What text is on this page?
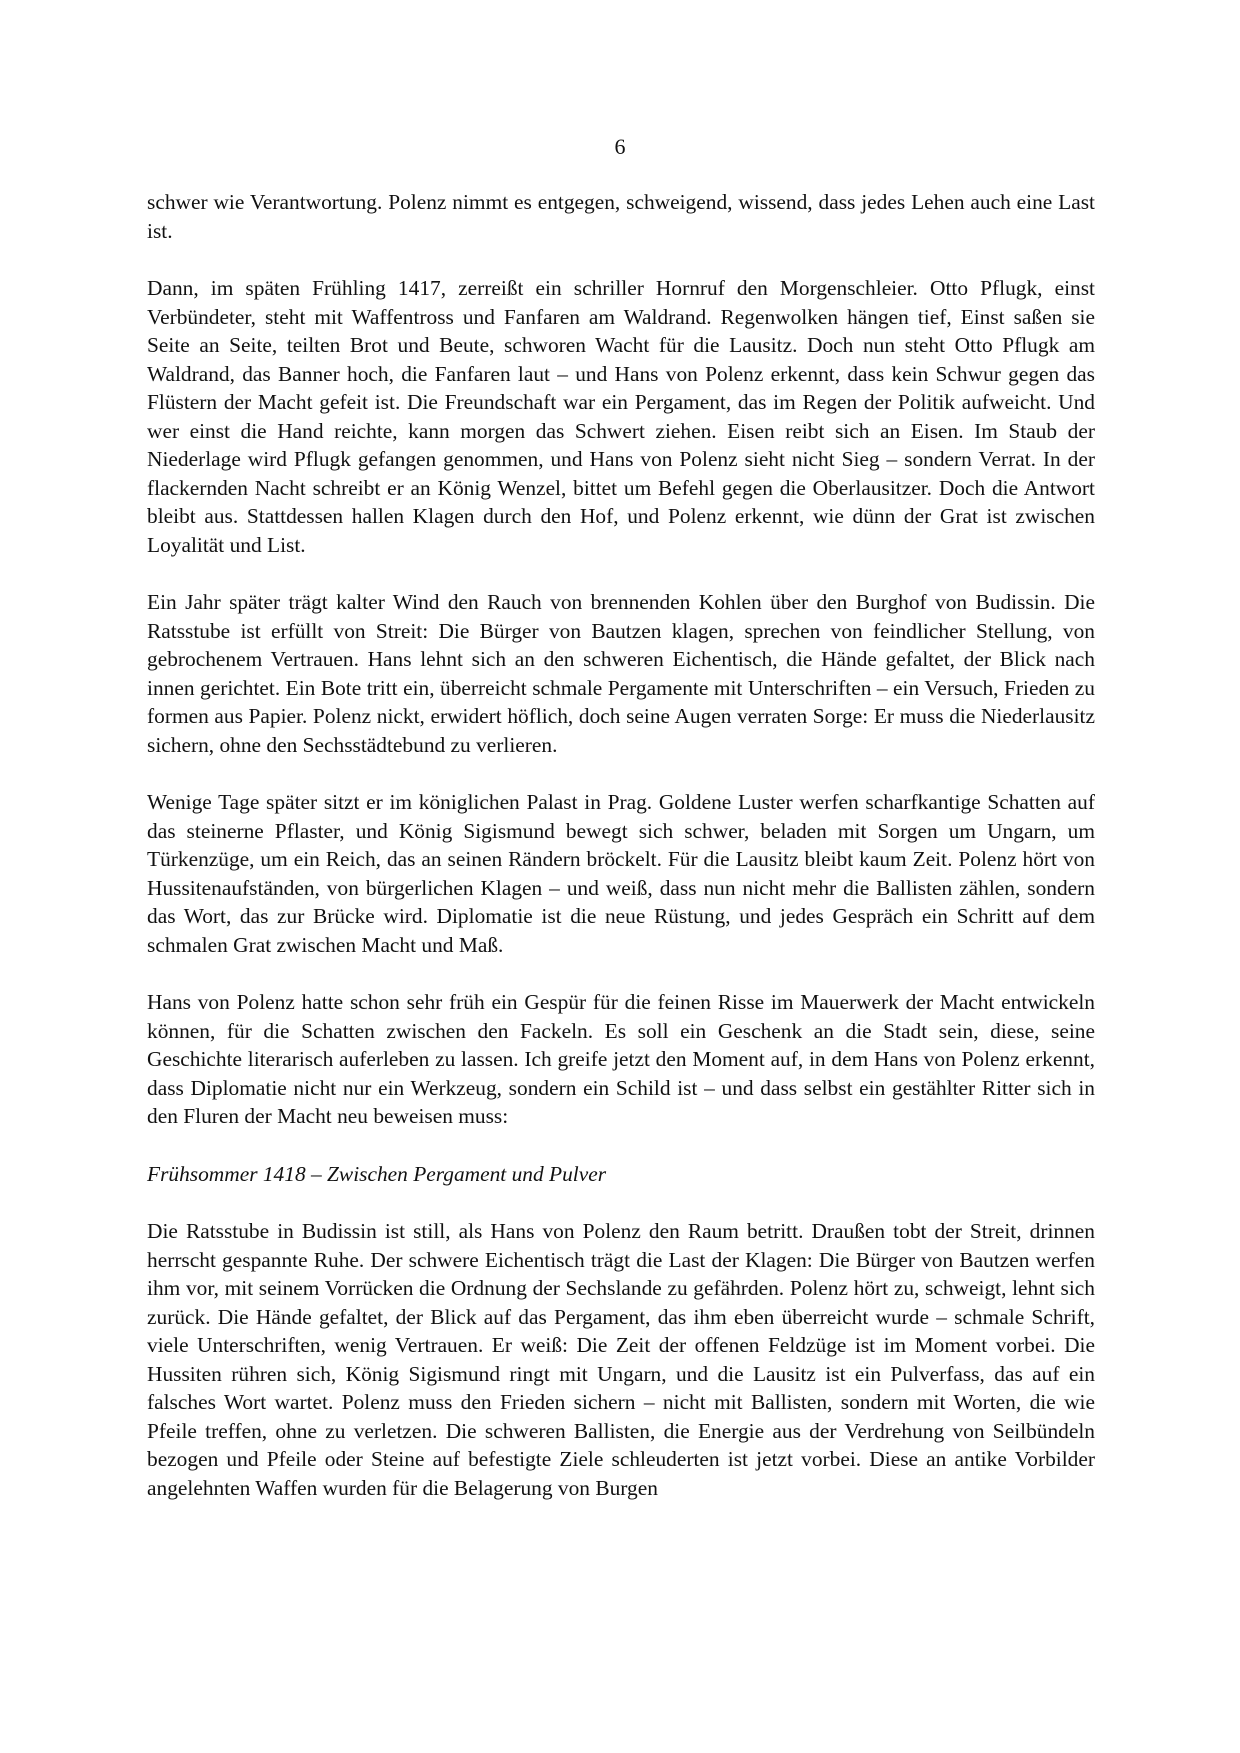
6

schwer wie Verantwortung. Polenz nimmt es entgegen, schweigend, wissend, dass jedes Lehen auch eine Last ist.

Dann, im späten Frühling 1417, zerreißt ein schriller Hornruf den Morgenschleier. Otto Pflugk, einst Verbündeter, steht mit Waffentross und Fanfaren am Waldrand. Regenwolken hängen tief, Einst saßen sie Seite an Seite, teilten Brot und Beute, schworen Wacht für die Lausitz. Doch nun steht Otto Pflugk am Waldrand, das Banner hoch, die Fanfaren laut – und Hans von Polenz erkennt, dass kein Schwur gegen das Flüstern der Macht gefeit ist. Die Freundschaft war ein Pergament, das im Regen der Politik aufweicht. Und wer einst die Hand reichte, kann morgen das Schwert ziehen. Eisen reibt sich an Eisen. Im Staub der Niederlage wird Pflugk gefangen genommen, und Hans von Polenz sieht nicht Sieg – sondern Verrat. In der flackernden Nacht schreibt er an König Wenzel, bittet um Befehl gegen die Oberlausitzer. Doch die Antwort bleibt aus. Stattdessen hallen Klagen durch den Hof, und Polenz erkennt, wie dünn der Grat ist zwischen Loyalität und List.

Ein Jahr später trägt kalter Wind den Rauch von brennenden Kohlen über den Burghof von Budissin. Die Ratsstube ist erfüllt von Streit: Die Bürger von Bautzen klagen, sprechen von feindlicher Stellung, von gebrochenem Vertrauen. Hans lehnt sich an den schweren Eichentisch, die Hände gefaltet, der Blick nach innen gerichtet. Ein Bote tritt ein, überreicht schmale Pergamente mit Unterschriften – ein Versuch, Frieden zu formen aus Papier. Polenz nickt, erwidert höflich, doch seine Augen verraten Sorge: Er muss die Niederlausitz sichern, ohne den Sechsstädtebund zu verlieren.

Wenige Tage später sitzt er im königlichen Palast in Prag. Goldene Luster werfen scharfkantige Schatten auf das steinerne Pflaster, und König Sigismund bewegt sich schwer, beladen mit Sorgen um Ungarn, um Türkenzüge, um ein Reich, das an seinen Rändern bröckelt. Für die Lausitz bleibt kaum Zeit. Polenz hört von Hussitenaufständen, von bürgerlichen Klagen – und weiß, dass nun nicht mehr die Ballisten zählen, sondern das Wort, das zur Brücke wird. Diplomatie ist die neue Rüstung, und jedes Gespräch ein Schritt auf dem schmalen Grat zwischen Macht und Maß.

Hans von Polenz hatte schon sehr früh ein Gespür für die feinen Risse im Mauerwerk der Macht entwickeln können, für die Schatten zwischen den Fackeln. Es soll ein Geschenk an die Stadt sein, diese, seine Geschichte literarisch auferleben zu lassen. Ich greife jetzt den Moment auf, in dem Hans von Polenz erkennt, dass Diplomatie nicht nur ein Werkzeug, sondern ein Schild ist – und dass selbst ein gestählter Ritter sich in den Fluren der Macht neu beweisen muss:

Frühsommer 1418 – Zwischen Pergament und Pulver

Die Ratsstube in Budissin ist still, als Hans von Polenz den Raum betritt. Draußen tobt der Streit, drinnen herrscht gespannte Ruhe. Der schwere Eichentisch trägt die Last der Klagen: Die Bürger von Bautzen werfen ihm vor, mit seinem Vorrücken die Ordnung der Sechslande zu gefährden. Polenz hört zu, schweigt, lehnt sich zurück. Die Hände gefaltet, der Blick auf das Pergament, das ihm eben überreicht wurde – schmale Schrift, viele Unterschriften, wenig Vertrauen. Er weiß: Die Zeit der offenen Feldzüge ist im Moment vorbei. Die Hussiten rühren sich, König Sigismund ringt mit Ungarn, und die Lausitz ist ein Pulverfass, das auf ein falsches Wort wartet. Polenz muss den Frieden sichern – nicht mit Ballisten, sondern mit Worten, die wie Pfeile treffen, ohne zu verletzen. Die schweren Ballisten, die Energie aus der Verdrehung von Seilbündeln bezogen und Pfeile oder Steine auf befestigte Ziele schleuderten ist jetzt vorbei. Diese an antike Vorbilder angelehnten Waffen wurden für die Belagerung von Burgen
